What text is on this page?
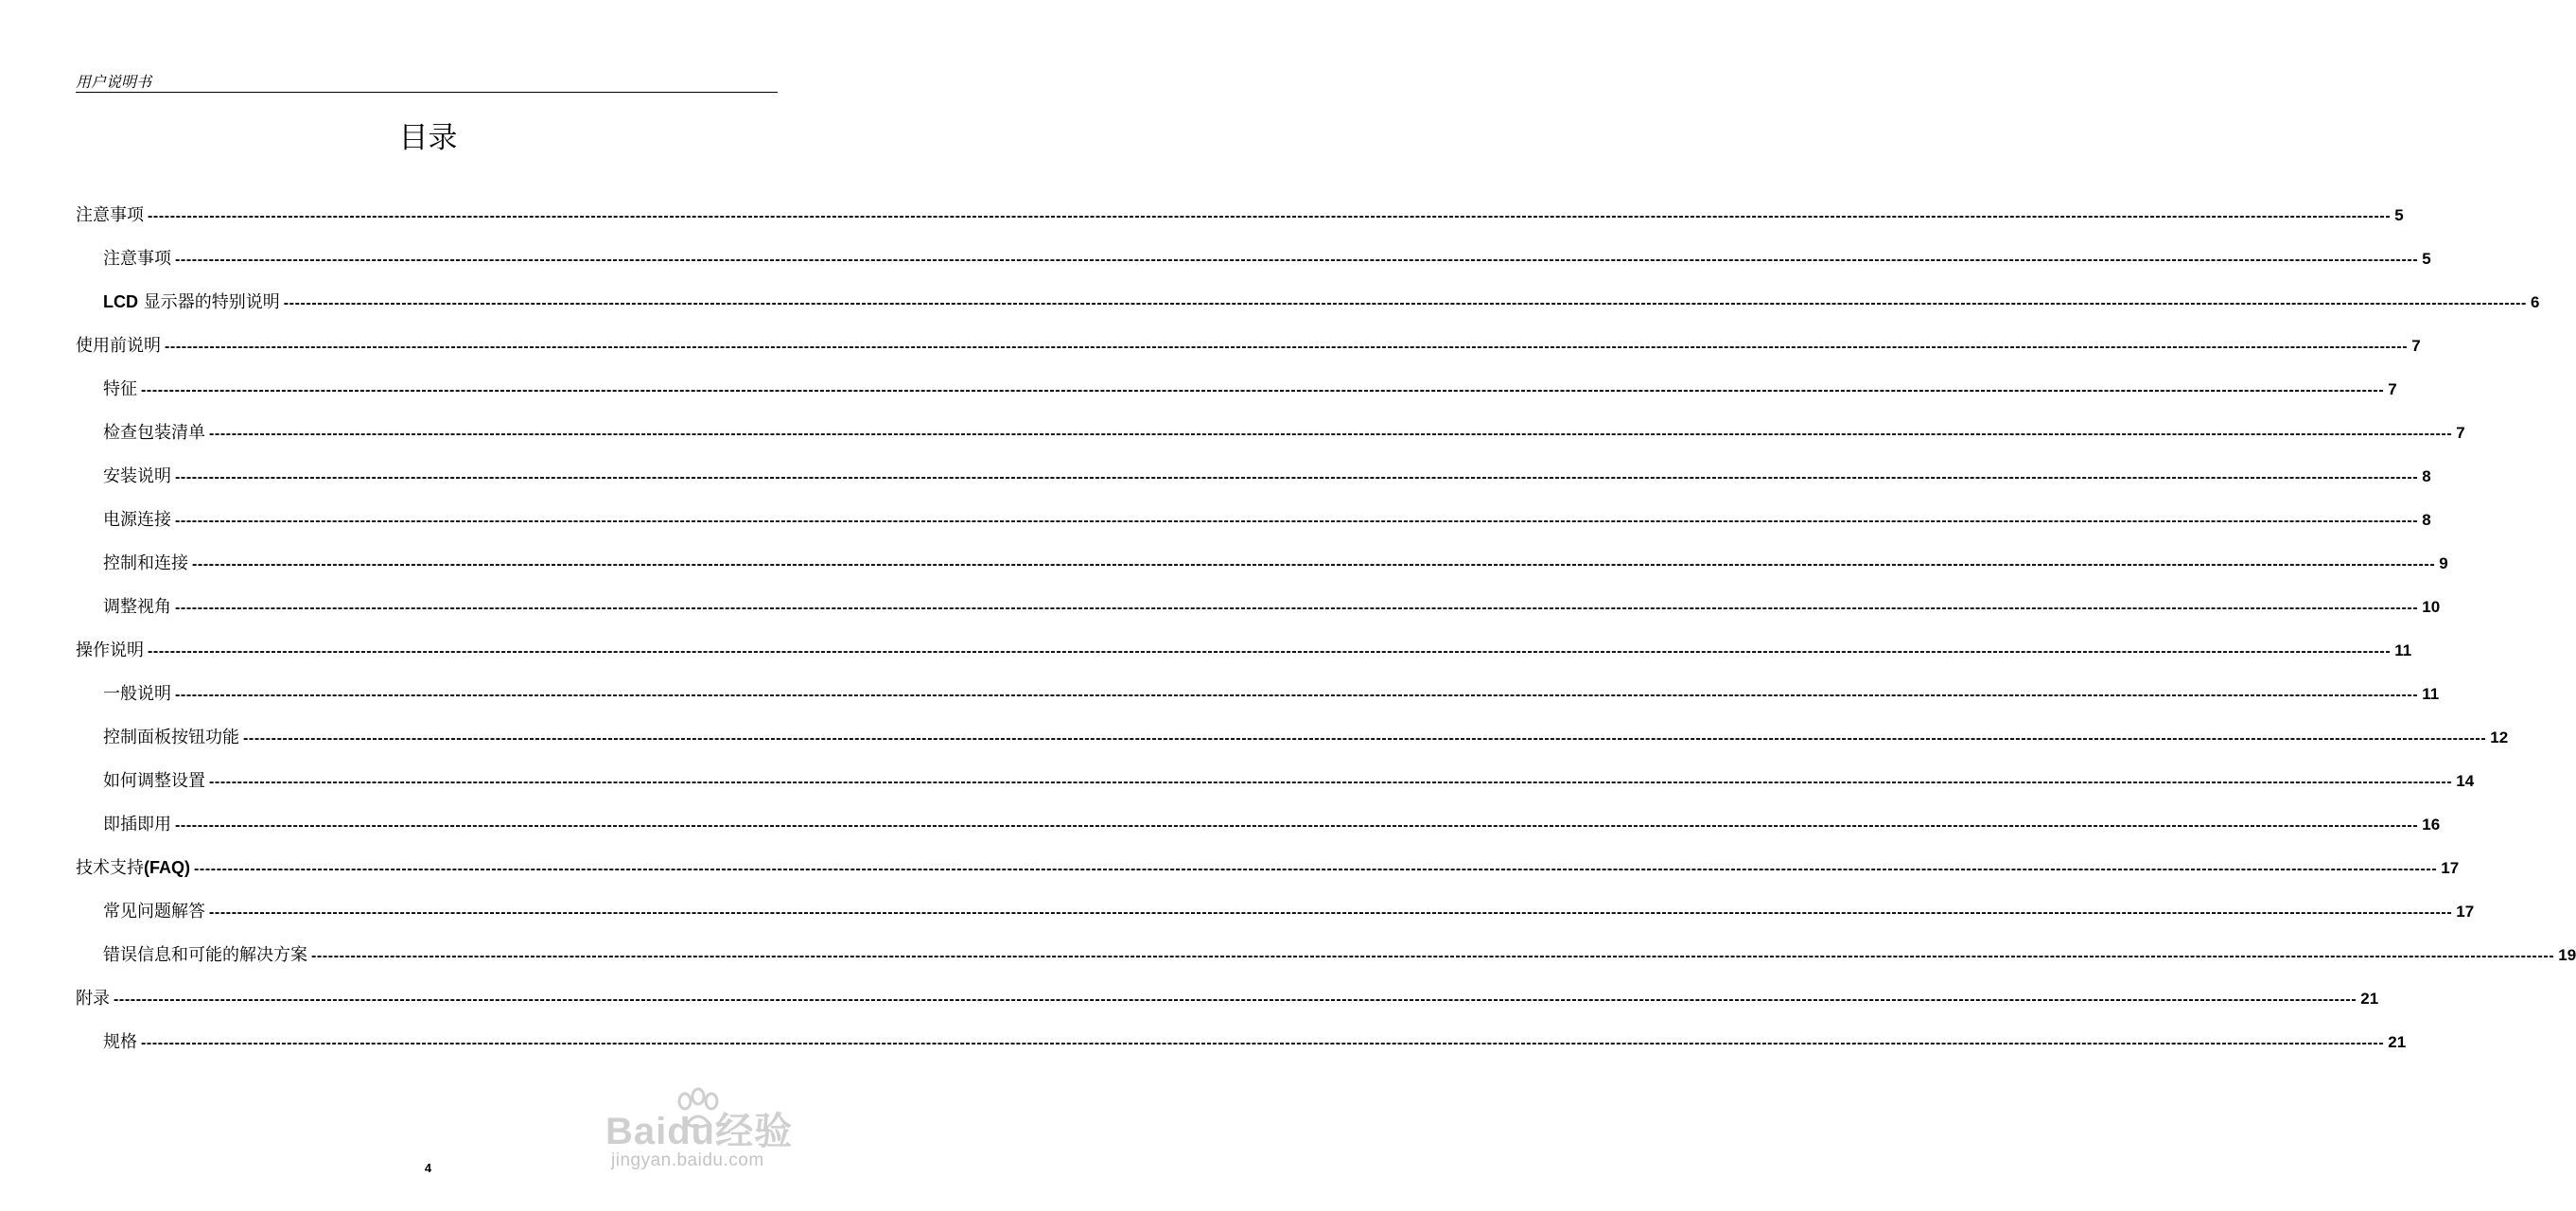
用户说明书
目录
注意事项 ---------------------------------------------------------------------------------------------------------------------------------------------------------------------------------------------------------------------------------------------------------------------------------------------------------------------------------------------------------------------------------------------------------------- 5
注意事项 ---------------------------------------------------------------------------------------------------------------------------------------------------------------------------------------------------------------------------------------------------------------------------------------------------------------------------------------------------------------------------------------------------------------- 5
LCD 显示器的特别说明 ---------------------------------------------------------------------------------------------------------------------------------------------------------------------------------------------------------------------------------------------------------------------------------------------------------------------------------------------------------------------------------------------------------------- 6
使用前说明 ---------------------------------------------------------------------------------------------------------------------------------------------------------------------------------------------------------------------------------------------------------------------------------------------------------------------------------------------------------------------------------------------------------------- 7
特征 ---------------------------------------------------------------------------------------------------------------------------------------------------------------------------------------------------------------------------------------------------------------------------------------------------------------------------------------------------------------------------------------------------------------- 7
检查包装清单 ---------------------------------------------------------------------------------------------------------------------------------------------------------------------------------------------------------------------------------------------------------------------------------------------------------------------------------------------------------------------------------------------------------------- 7
安装说明 ---------------------------------------------------------------------------------------------------------------------------------------------------------------------------------------------------------------------------------------------------------------------------------------------------------------------------------------------------------------------------------------------------------------- 8
电源连接 ---------------------------------------------------------------------------------------------------------------------------------------------------------------------------------------------------------------------------------------------------------------------------------------------------------------------------------------------------------------------------------------------------------------- 8
控制和连接 ---------------------------------------------------------------------------------------------------------------------------------------------------------------------------------------------------------------------------------------------------------------------------------------------------------------------------------------------------------------------------------------------------------------- 9
调整视角 ---------------------------------------------------------------------------------------------------------------------------------------------------------------------------------------------------------------------------------------------------------------------------------------------------------------------------------------------------------------------------------------------------------------- 10
操作说明 ---------------------------------------------------------------------------------------------------------------------------------------------------------------------------------------------------------------------------------------------------------------------------------------------------------------------------------------------------------------------------------------------------------------- 11
一般说明 ---------------------------------------------------------------------------------------------------------------------------------------------------------------------------------------------------------------------------------------------------------------------------------------------------------------------------------------------------------------------------------------------------------------- 11
控制面板按钮功能 ---------------------------------------------------------------------------------------------------------------------------------------------------------------------------------------------------------------------------------------------------------------------------------------------------------------------------------------------------------------------------------------------------------------- 12
如何调整设置 ---------------------------------------------------------------------------------------------------------------------------------------------------------------------------------------------------------------------------------------------------------------------------------------------------------------------------------------------------------------------------------------------------------------- 14
即插即用 ---------------------------------------------------------------------------------------------------------------------------------------------------------------------------------------------------------------------------------------------------------------------------------------------------------------------------------------------------------------------------------------------------------------- 16
技术支持(FAQ) ---------------------------------------------------------------------------------------------------------------------------------------------------------------------------------------------------------------------------------------------------------------------------------------------------------------------------------------------------------------------------------------------------------------- 17
常见问题解答 ---------------------------------------------------------------------------------------------------------------------------------------------------------------------------------------------------------------------------------------------------------------------------------------------------------------------------------------------------------------------------------------------------------------- 17
错误信息和可能的解决方案 ---------------------------------------------------------------------------------------------------------------------------------------------------------------------------------------------------------------------------------------------------------------------------------------------------------------------------------------------------------------------------------------------------------------- 19
附录 ---------------------------------------------------------------------------------------------------------------------------------------------------------------------------------------------------------------------------------------------------------------------------------------------------------------------------------------------------------------------------------------------------------------- 21
规格 ---------------------------------------------------------------------------------------------------------------------------------------------------------------------------------------------------------------------------------------------------------------------------------------------------------------------------------------------------------------------------------------------------------------- 21
4
Baidu经验
jingyan.baidu.com
